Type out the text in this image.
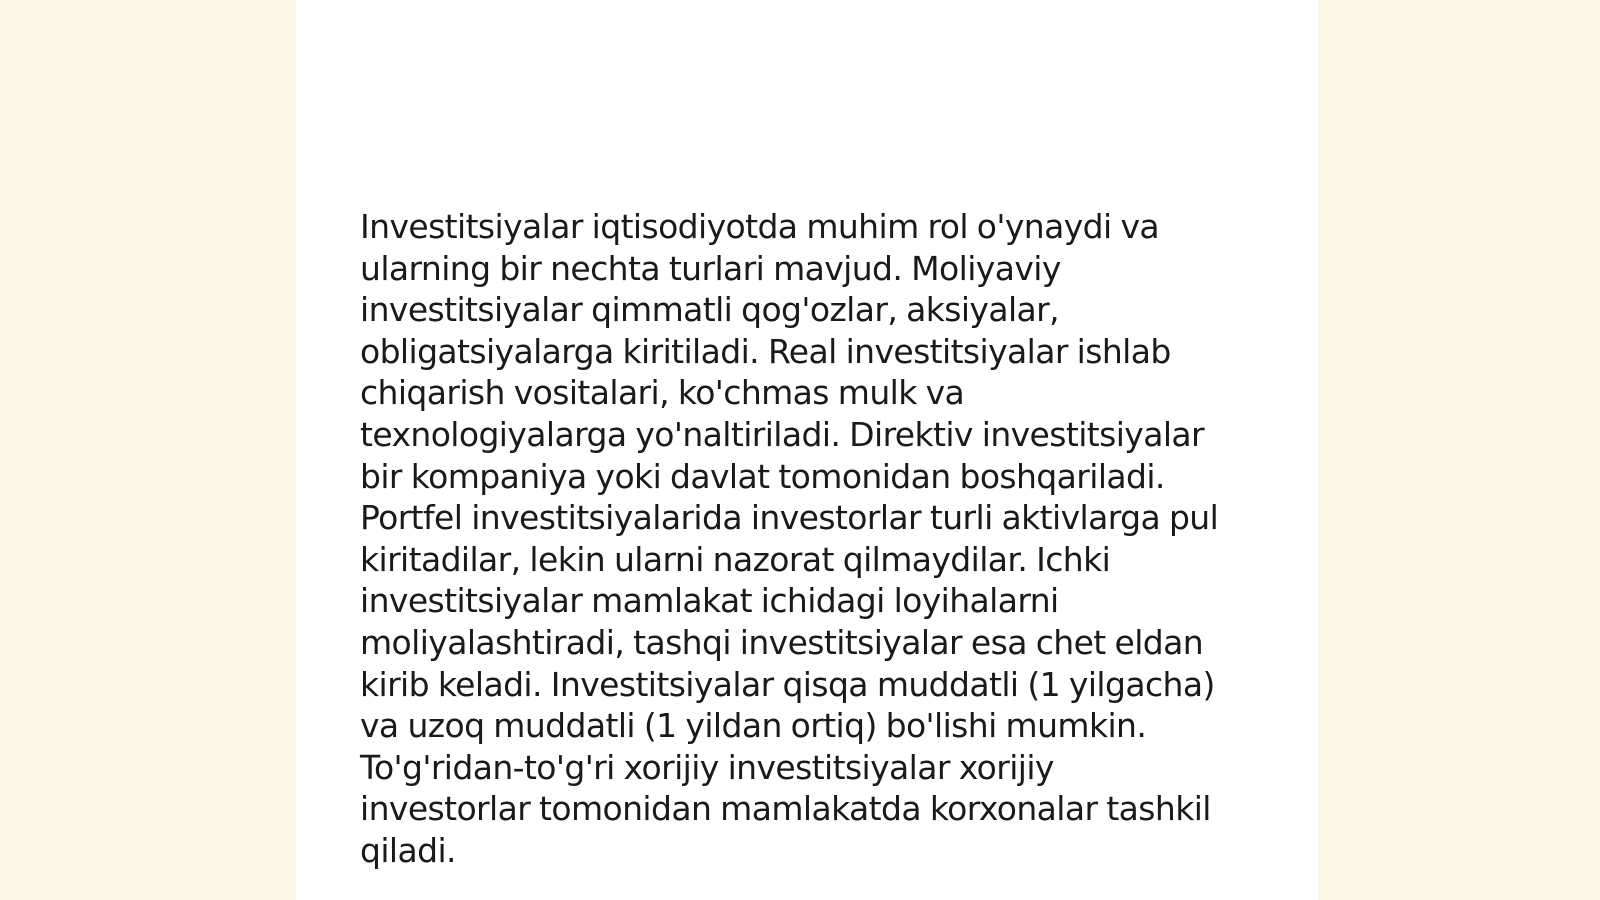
Investitsiyalar iqtisodiyotda muhim rol o'ynaydi va
ularning bir nechta turlari mavjud. Moliyaviy
investitsiyalar qimmatli qog'ozlar, aksiyalar,
obligatsiyalarga kiritiladi. Real investitsiyalar ishlab
chiqarish vositalari, ko'chmas mulk va
texnologiyalarga yo'naltiriladi. Direktiv investitsiyalar
bir kompaniya yoki davlat tomonidan boshqariladi.
Portfel investitsiyalarida investorlar turli aktivlarga pul
kiritadilar, lekin ularni nazorat qilmaydilar. Ichki
investitsiyalar mamlakat ichidagi loyihalarni
moliyalashtiradi, tashqi investitsiyalar esa chet eldan
kirib keladi. Investitsiyalar qisqa muddatli (1 yilgacha)
va uzoq muddatli (1 yildan ortiq) bo'lishi mumkin.
To'g'ridan-to'g'ri xorijiy investitsiyalar xorijiy
investorlar tomonidan mamlakatda korxonalar tashkil
qiladi.
